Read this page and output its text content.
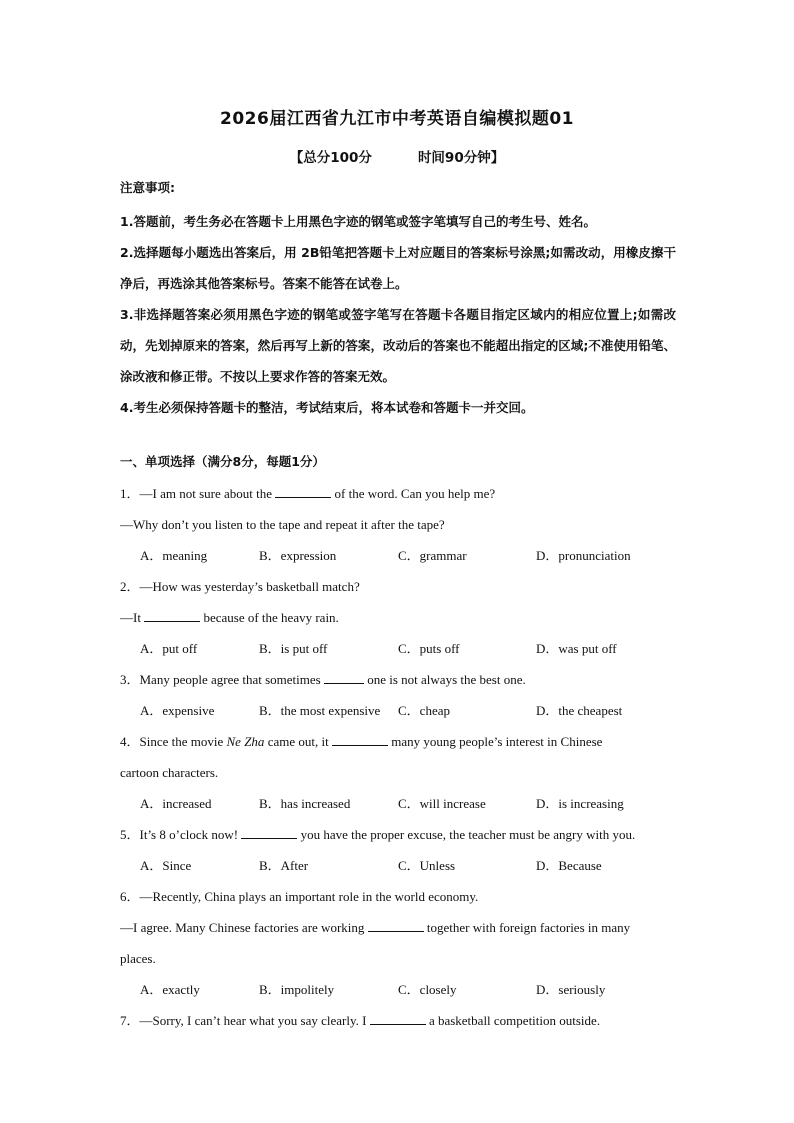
2026届江西省九江市中考英语自编模拟题01
【总分100分	时间90分钟】
注意事项:

1.答题前，考生务必在答题卡上用黑色字迹的钢笔或签字笔填写自己的考生号、姓名。

2.选择题每小题选出答案后，用 2B铅笔把答题卡上对应题目的答案标号涂黑;如需改动，用橡皮擦干净后，再选涂其他答案标号。答案不能答在试卷上。

3.非选择题答案必须用黑色字迹的钢笔或签字笔写在答题卡各题目指定区域内的相应位置上;如需改动，先划掉原来的答案，然后再写上新的答案，改动后的答案也不能超出指定的区域;不准使用铅笔、涂改液和修正带。不按以上要求作答的答案无效。

4.考生必须保持答题卡的整洁，考试结束后，将本试卷和答题卡一并交回。

一、单项选择（满分8分，每题1分）

1．—I am not sure about the	of the word. Can you help me?

—Why don’t you listen to the tape and repeat it after the tape?

A．meaning	B．expression	C．grammar	D．pronunciation

2．—How was yesterday’s basketball match?

—It	because of the heavy rain.

A．put off	B．is put off	C．puts off	D．was put off

3．Many people agree that sometimes	one is not always the best one.

A．expensive	B．the most expensive	C．cheap	D．the cheapest

4．Since the movie Ne Zha came out, it	many young people’s interest in Chinese

cartoon characters.

A．increased	B．has increased	C．will increase	D．is increasing

5．It’s 8 o’clock now!	you have the proper excuse, the teacher must be angry with you.

A．Since	B．After	C．Unless	D．Because

6．—Recently, China plays an important role in the world economy.

—I agree. Many Chinese factories are working	together with foreign factories in many

places.

A．exactly	B．impolitely	C．closely	D．seriously

7．—Sorry, I can’t hear what you say clearly. I	a basketball competition outside.
